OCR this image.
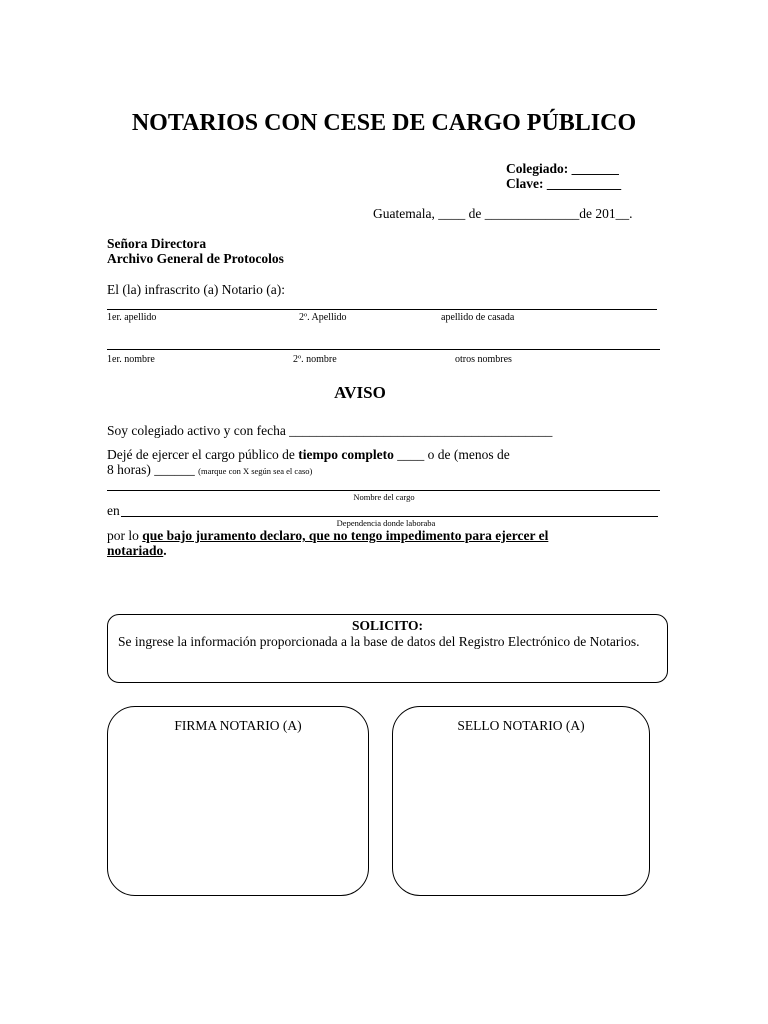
NOTARIOS CON CESE DE CARGO PÚBLICO
Colegiado: _______
Clave: ___________
Guatemala, ____ de ______________de 201__.
Señora Directora
Archivo General de Protocolos
El (la) infrascrito (a) Notario (a):
1er. apellido	2º. Apellido	apellido de casada
1er. nombre	2º. nombre	otros nombres
AVISO
Soy colegiado activo y con fecha _______________________________________
Dejé de ejercer el cargo público de tiempo completo ____ o de (menos de
8 horas) ______ (marque con X según sea el caso)
Nombre del cargo
en
Dependencia donde laboraba
por lo que bajo juramento declaro, que no tengo impedimento para ejercer el
notariado.
SOLICITO:
Se ingrese la información proporcionada a la base de datos del Registro Electrónico de Notarios.
FIRMA NOTARIO (A)	SELLO NOTARIO (A)
